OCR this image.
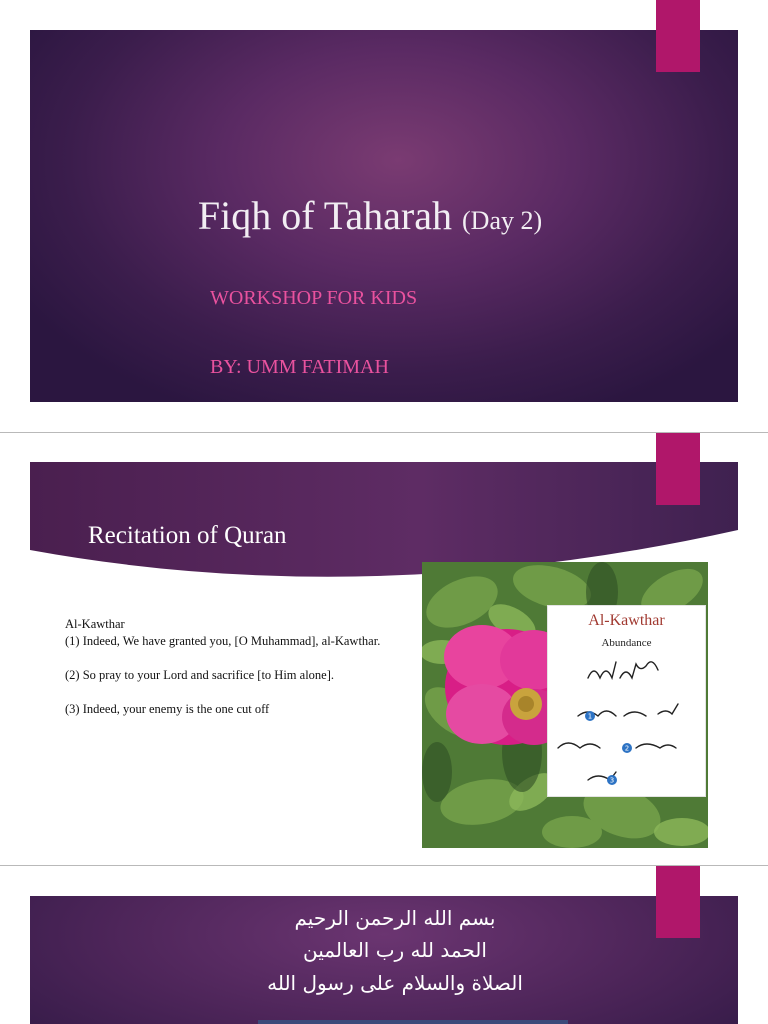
Fiqh of Taharah (Day 2)
WORKSHOP FOR KIDS
BY: UMM FATIMAH
Recitation of Quran

Al-Kawthar

(1) Indeed, We have granted you, [O Muhammad], al-Kawthar.

(2) So pray to your Lord and sacrifice [to Him alone].

(3) Indeed, your enemy is the one cut off

Al-Kawthar
Abundance
1
2
3
بسم الله الرحمن الرحيم
الحمد لله رب العالمين
الصلاة والسلام على رسول الله
